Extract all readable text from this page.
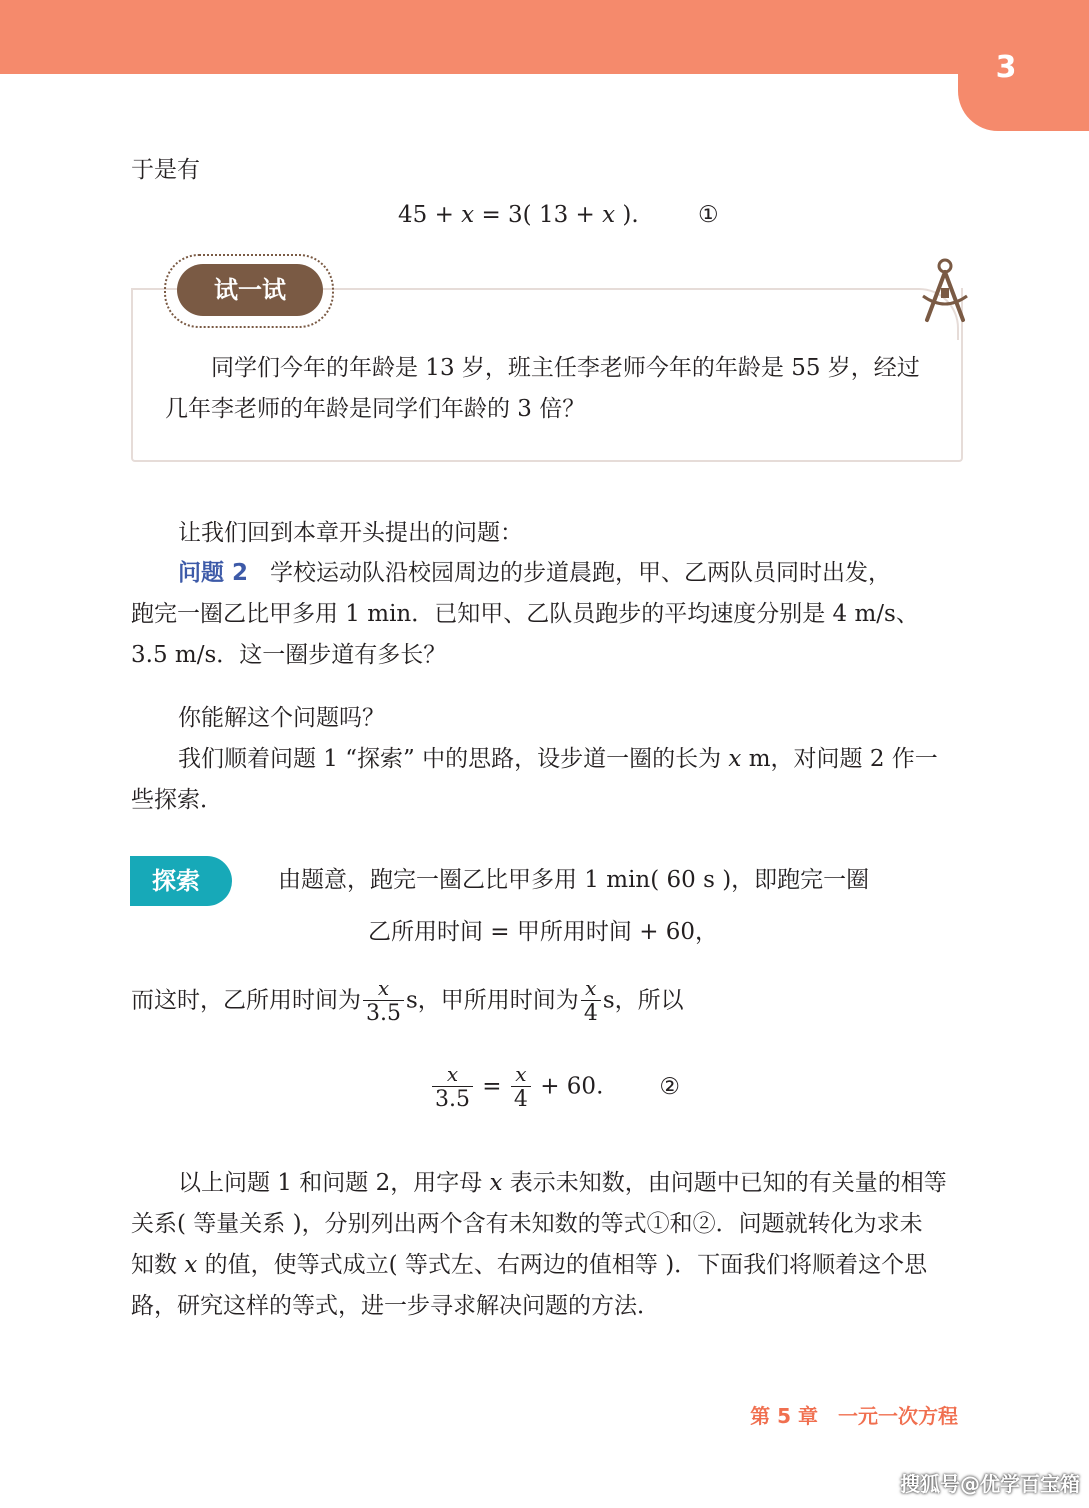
3
于是有
45 + x = 3( 13 + x ).	①
试一试
同学们今年的年龄是 13 岁，班主任李老师今年的年龄是 55 岁，经过
几年李老师的年龄是同学们年龄的 3 倍？
让我们回到本章开头提出的问题：
问题 2 学校运动队沿校园周边的步道晨跑，甲、乙两队员同时出发，
跑完一圈乙比甲多用 1 min．已知甲、乙队员跑步的平均速度分别是 4 m/s、
3.5 m/s．这一圈步道有多长？
你能解这个问题吗？
我们顺着问题 1 “探索” 中的思路，设步道一圈的长为 x m，对问题 2 作一
些探索．
探索	由题意，跑完一圈乙比甲多用 1 min( 60 s )，即跑完一圈
乙所用时间 = 甲所用时间 + 60，
而这时，乙所用时间为 $\frac{x}{3.5}$ s，甲所用时间为 $\frac{x}{4}$ s，所以
$\frac{x}{3.5} = \frac{x}{4} + 60$. ②
以上问题 1 和问题 2，用字母 x 表示未知数，由问题中已知的有关量的相等
关系( 等量关系 )，分别列出两个含有未知数的等式①和②．问题就转化为求未
知数 x 的值，使等式成立( 等式左、右两边的值相等 )．下面我们将顺着这个思
路，研究这样的等式，进一步寻求解决问题的方法．
第 5 章　一元一次方程
搜狐号@优学百宝箱
